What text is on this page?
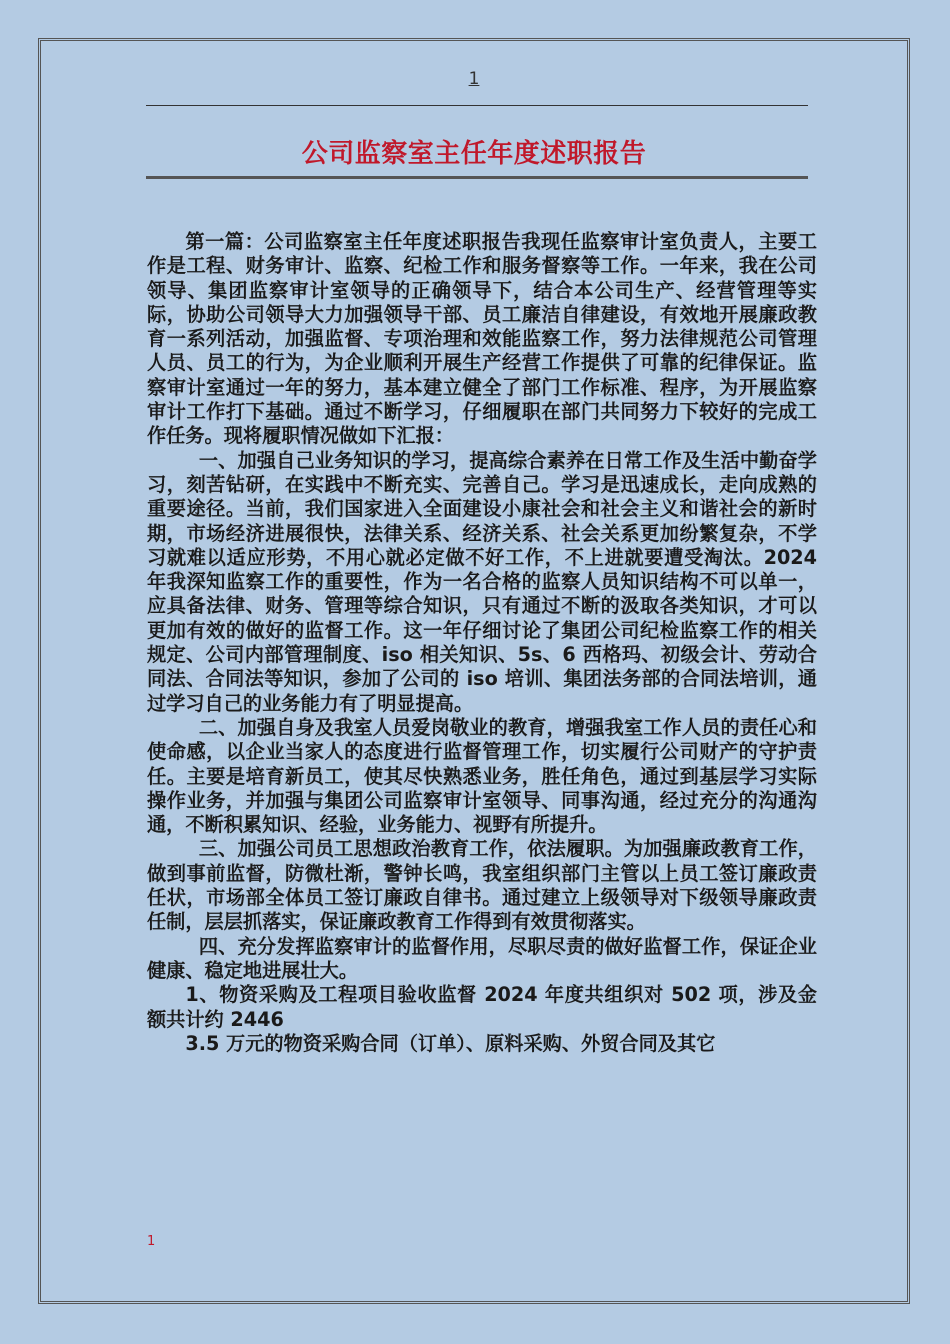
1
公司监察室主任年度述职报告

第一篇：公司监察室主任年度述职报告我现任监察审计室负责人，主要工作是工程、财务审计、监察、纪检工作和服务督察等工作。一年来，我在公司领导、集团监察审计室领导的正确领导下，结合本公司生产、经营管理等实际，协助公司领导大力加强领导干部、员工廉洁自律建设，有效地开展廉政教育一系列活动，加强监督、专项治理和效能监察工作，努力法律规范公司管理人员、员工的行为，为企业顺利开展生产经营工作提供了可靠的纪律保证。监察审计室通过一年的努力，基本建立健全了部门工作标准、程序，为开展监察审计工作打下基础。通过不断学习，仔细履职在部门共同努力下较好的完成工作任务。现将履职情况做如下汇报：

一、加强自己业务知识的学习，提高综合素养在日常工作及生活中勤奋学习，刻苦钻研，在实践中不断充实、完善自己。学习是迅速成长，走向成熟的重要途径。当前，我们国家进入全面建设小康社会和社会主义和谐社会的新时期，市场经济进展很快，法律关系、经济关系、社会关系更加纷繁复杂，不学习就难以适应形势，不用心就必定做不好工作，不上进就要遭受淘汰。2024 年我深知监察工作的重要性，作为一名合格的监察人员知识结构不可以单一，应具备法律、财务、管理等综合知识，只有通过不断的汲取各类知识，才可以更加有效的做好的监督工作。这一年仔细讨论了集团公司纪检监察工作的相关规定、公司内部管理制度、iso 相关知识、5s、6 西格玛、初级会计、劳动合同法、合同法等知识，参加了公司的 iso 培训、集团法务部的合同法培训，通过学习自己的业务能力有了明显提高。

二、加强自身及我室人员爱岗敬业的教育，增强我室工作人员的责任心和使命感，以企业当家人的态度进行监督管理工作，切实履行公司财产的守护责任。主要是培育新员工，使其尽快熟悉业务，胜任角色，通过到基层学习实际操作业务，并加强与集团公司监察审计室领导、同事沟通，经过充分的沟通沟通，不断积累知识、经验，业务能力、视野有所提升。

三、加强公司员工思想政治教育工作，依法履职。为加强廉政教育工作，做到事前监督，防微杜渐，警钟长鸣，我室组织部门主管以上员工签订廉政责任状，市场部全体员工签订廉政自律书。通过建立上级领导对下级领导廉政责任制，层层抓落实，保证廉政教育工作得到有效贯彻落实。

四、充分发挥监察审计的监督作用，尽职尽责的做好监督工作，保证企业健康、稳定地进展壮大。

1、物资采购及工程项目验收监督 2024 年度共组织对 502 项，涉及金额共计约 2446

3.5 万元的物资采购合同（订单）、原料采购、外贸合同及其它

1
